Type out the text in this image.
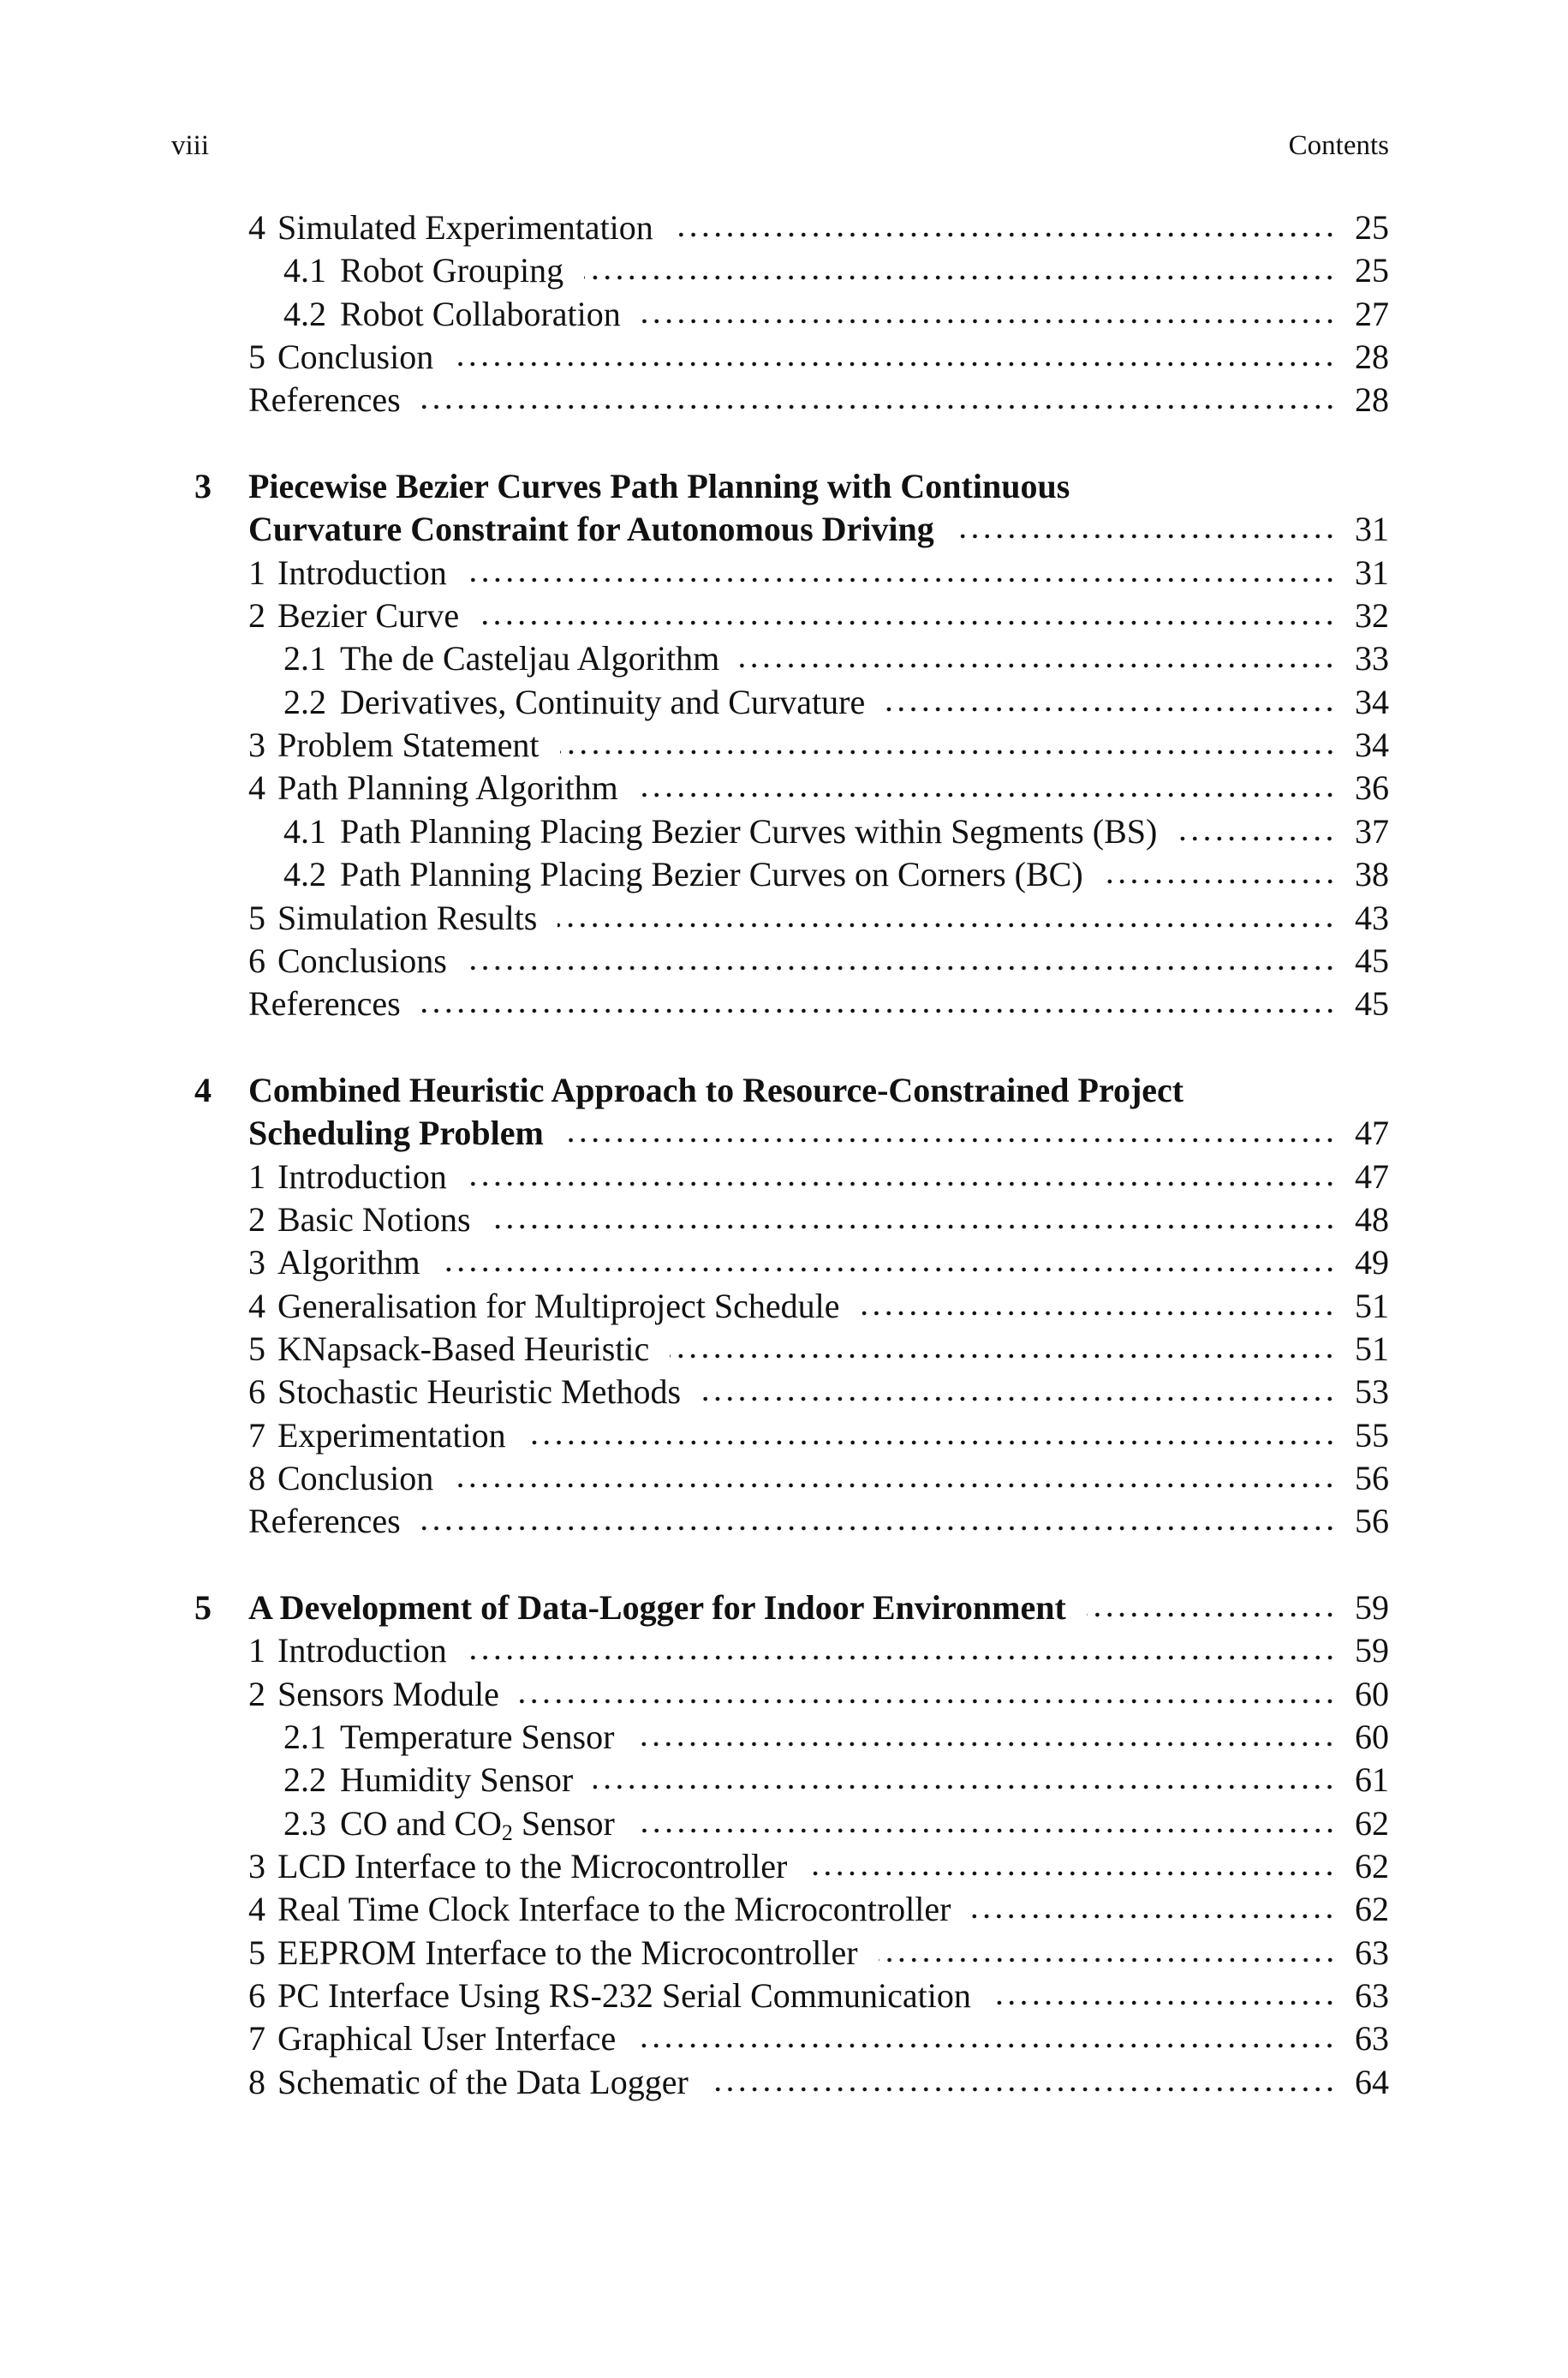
viii	Contents
4 Simulated Experimentation	25
4.1 Robot Grouping	25
4.2 Robot Collaboration	27
5 Conclusion	28
References	28
3 Piecewise Bezier Curves Path Planning with Continuous
Curvature Constraint for Autonomous Driving	31
1 Introduction	31
2 Bezier Curve	32
2.1 The de Casteljau Algorithm	33
2.2 Derivatives, Continuity and Curvature	34
3 Problem Statement	34
4 Path Planning Algorithm	36
4.1 Path Planning Placing Bezier Curves within Segments (BS)	37
4.2 Path Planning Placing Bezier Curves on Corners (BC)	38
5 Simulation Results	43
6 Conclusions	45
References	45
4 Combined Heuristic Approach to Resource-Constrained Project
Scheduling Problem	47
1 Introduction	47
2 Basic Notions	48
3 Algorithm	49
4 Generalisation for Multiproject Schedule	51
5 KNapsack-Based Heuristic	51
6 Stochastic Heuristic Methods	53
7 Experimentation	55
8 Conclusion	56
References	56
5 A Development of Data-Logger for Indoor Environment	59
1 Introduction	59
2 Sensors Module	60
2.1 Temperature Sensor	60
2.2 Humidity Sensor	61
2.3 CO and $CO_2$ Sensor	62
3 LCD Interface to the Microcontroller	62
4 Real Time Clock Interface to the Microcontroller	62
5 EEPROM Interface to the Microcontroller	63
6 PC Interface Using RS-232 Serial Communication	63
7 Graphical User Interface	63
8 Schematic of the Data Logger	64
